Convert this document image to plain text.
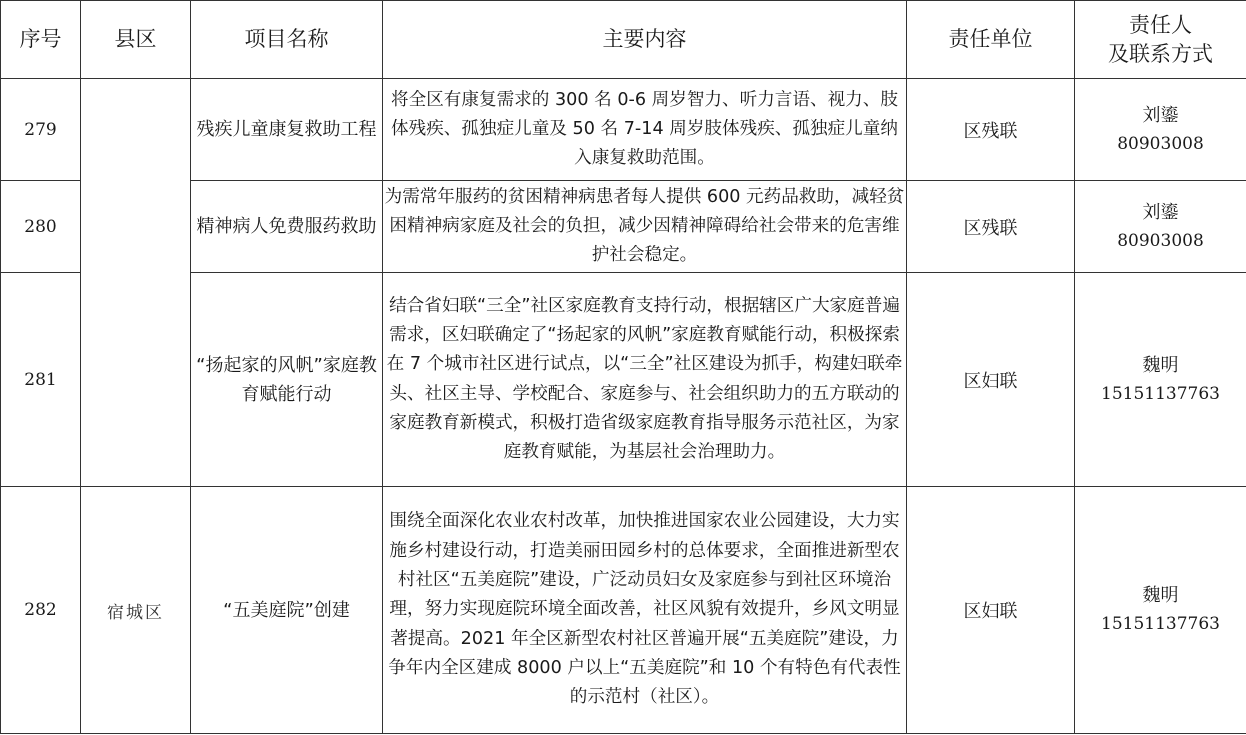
序号	县区	项目名称	主要内容	责任单位	责任人
及联系方式
279		残疾儿童康复救助工程	将全区有康复需求的 300 名 0-6 周岁智力、听力言语、视力、肢体残疾、孤独症儿童及 50 名 7-14 周岁肢体残疾、孤独症儿童纳入康复救助范围。	区残联	刘鎏
80903008

280		精神病人免费服药救助	为需常年服药的贫困精神病患者每人提供 600 元药品救助，减轻贫困精神病家庭及社会的负担，减少因精神障碍给社会带来的危害维护社会稳定。	区残联	刘鎏
80903008

281		“扬起家的风帆”家庭教育赋能行动	结合省妇联“三全”社区家庭教育支持行动，根据辖区广大家庭普遍需求，区妇联确定了“扬起家的风帆”家庭教育赋能行动，积极探索在 7 个城市社区进行试点，以“三全”社区建设为抓手，构建妇联牵头、社区主导、学校配合、家庭参与、社会组织助力的五方联动的家庭教育新模式，积极打造省级家庭教育指导服务示范社区，为家庭教育赋能，为基层社会治理助力。	区妇联	魏明
15151137763

282	宿城区	“五美庭院”创建	围绕全面深化农业农村改革，加快推进国家农业公园建设，大力实施乡村建设行动，打造美丽田园乡村的总体要求，全面推进新型农村社区“五美庭院”建设，广泛动员妇女及家庭参与到社区环境治理，努力实现庭院环境全面改善，社区风貌有效提升，乡风文明显著提高。2021 年全区新型农村社区普遍开展“五美庭院”建设，力争年内全区建成 8000 户以上“五美庭院”和 10 个有特色有代表性的示范村（社区）。	区妇联	魏明
15151137763
